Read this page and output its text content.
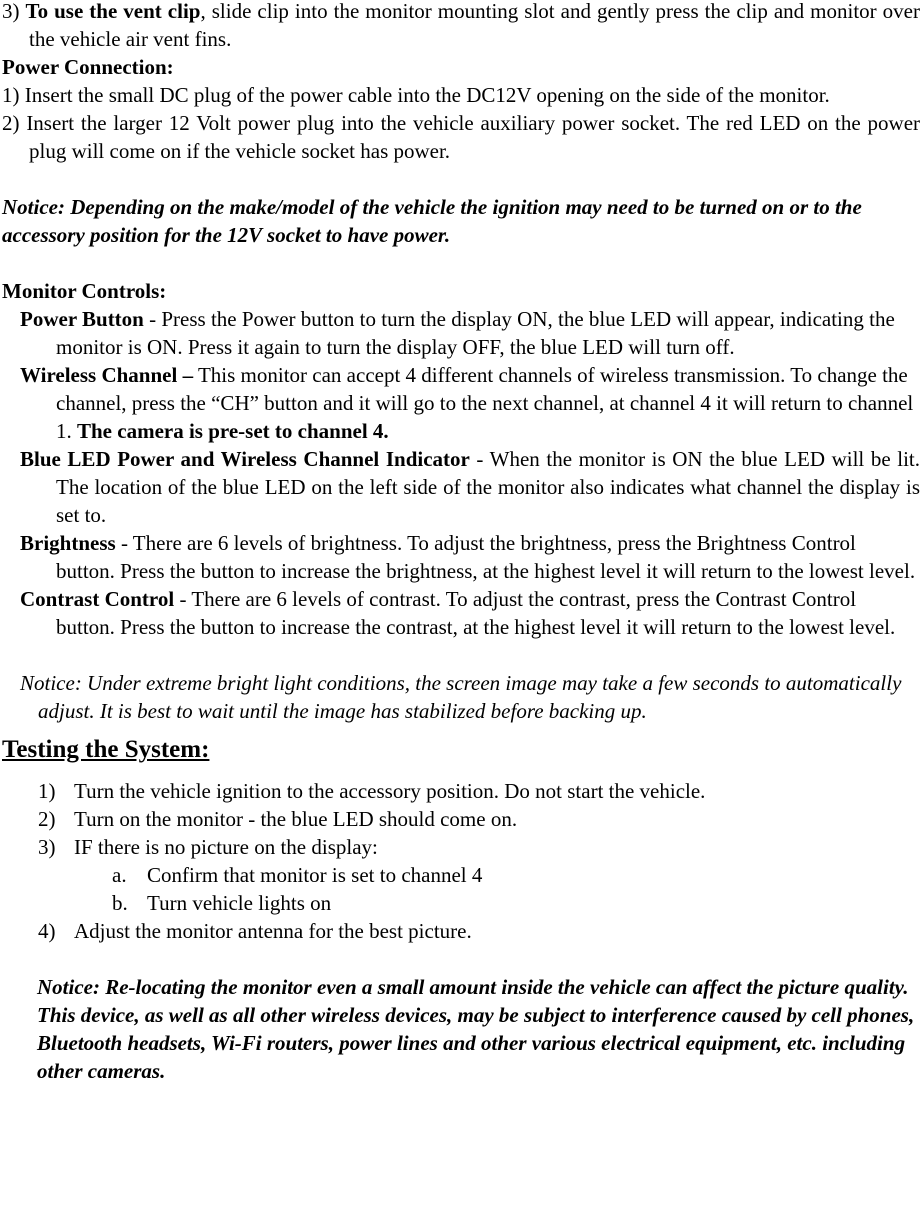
3) To use the vent clip, slide clip into the monitor mounting slot and gently press the clip and monitor over the vehicle air vent fins.

Power Connection:

1) Insert the small DC plug of the power cable into the DC12V opening on the side of the monitor.

2) Insert the larger 12 Volt power plug into the vehicle auxiliary power socket. The red LED on the power plug will come on if the vehicle socket has power.

Notice: Depending on the make/model of the vehicle the ignition may need to be turned on or to the accessory position for the 12V socket to have power.

Monitor Controls:

Power Button - Press the Power button to turn the display ON, the blue LED will appear, indicating the monitor is ON. Press it again to turn the display OFF, the blue LED will turn off.

Wireless Channel – This monitor can accept 4 different channels of wireless transmission. To change the channel, press the “CH” button and it will go to the next channel, at channel 4 it will return to channel 1. The camera is pre-set to channel 4.

Blue LED Power and Wireless Channel Indicator - When the monitor is ON the blue LED will be lit. The location of the blue LED on the left side of the monitor also indicates what channel the display is set to.

Brightness - There are 6 levels of brightness. To adjust the brightness, press the Brightness Control button. Press the button to increase the brightness, at the highest level it will return to the lowest level.

Contrast Control - There are 6 levels of contrast. To adjust the contrast, press the Contrast Control button. Press the button to increase the contrast, at the highest level it will return to the lowest level.

Notice: Under extreme bright light conditions, the screen image may take a few seconds to automatically adjust. It is best to wait until the image has stabilized before backing up.

Testing the System:

1) Turn the vehicle ignition to the accessory position. Do not start the vehicle.
2) Turn on the monitor - the blue LED should come on.
3) IF there is no picture on the display:
a. Confirm that monitor is set to channel 4
b. Turn vehicle lights on
4) Adjust the monitor antenna for the best picture.

Notice: Re-locating the monitor even a small amount inside the vehicle can affect the picture quality. This device, as well as all other wireless devices, may be subject to interference caused by cell phones, Bluetooth headsets, Wi-Fi routers, power lines and other various electrical equipment, etc. including other cameras.
